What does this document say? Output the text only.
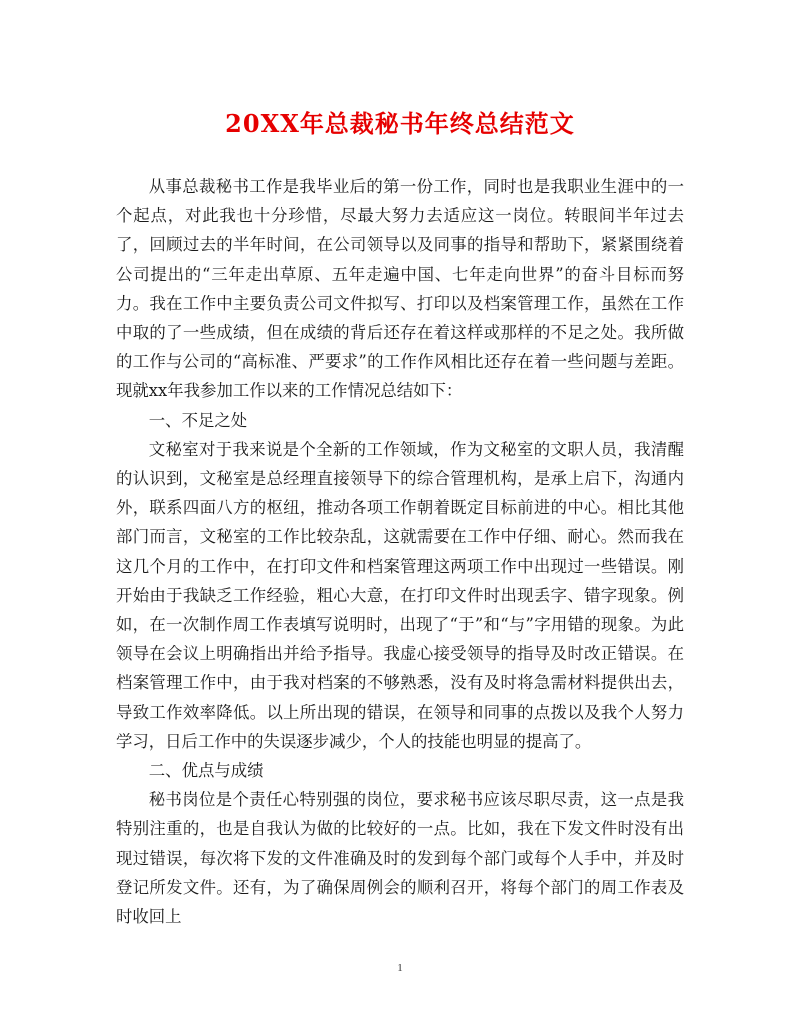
20XX年总裁秘书年终总结范文

从事总裁秘书工作是我毕业后的第一份工作，同时也是我职业生涯中的一个起点，对此我也十分珍惜，尽最大努力去适应这一岗位。转眼间半年过去了，回顾过去的半年时间，在公司领导以及同事的指导和帮助下，紧紧围绕着公司提出的“三年走出草原、五年走遍中国、七年走向世界”的奋斗目标而努力。我在工作中主要负责公司文件拟写、打印以及档案管理工作，虽然在工作中取的了一些成绩，但在成绩的背后还存在着这样或那样的不足之处。我所做的工作与公司的“高标准、严要求”的工作作风相比还存在着一些问题与差距。现就xx年我参加工作以来的工作情况总结如下：

一、不足之处

文秘室对于我来说是个全新的工作领域，作为文秘室的文职人员，我清醒的认识到，文秘室是总经理直接领导下的综合管理机构，是承上启下，沟通内外，联系四面八方的枢纽，推动各项工作朝着既定目标前进的中心。相比其他部门而言，文秘室的工作比较杂乱，这就需要在工作中仔细、耐心。然而我在这几个月的工作中，在打印文件和档案管理这两项工作中出现过一些错误。刚开始由于我缺乏工作经验，粗心大意，在打印文件时出现丢字、错字现象。例如，在一次制作周工作表填写说明时，出现了“于”和“与”字用错的现象。为此领导在会议上明确指出并给予指导。我虚心接受领导的指导及时改正错误。在档案管理工作中，由于我对档案的不够熟悉，没有及时将急需材料提供出去，导致工作效率降低。以上所出现的错误，在领导和同事的点拨以及我个人努力学习，日后工作中的失误逐步减少，个人的技能也明显的提高了。

二、优点与成绩

秘书岗位是个责任心特别强的岗位，要求秘书应该尽职尽责，这一点是我特别注重的，也是自我认为做的比较好的一点。比如，我在下发文件时没有出现过错误，每次将下发的文件准确及时的发到每个部门或每个人手中，并及时登记所发文件。还有，为了确保周例会的顺利召开，将每个部门的周工作表及时收回上

1
